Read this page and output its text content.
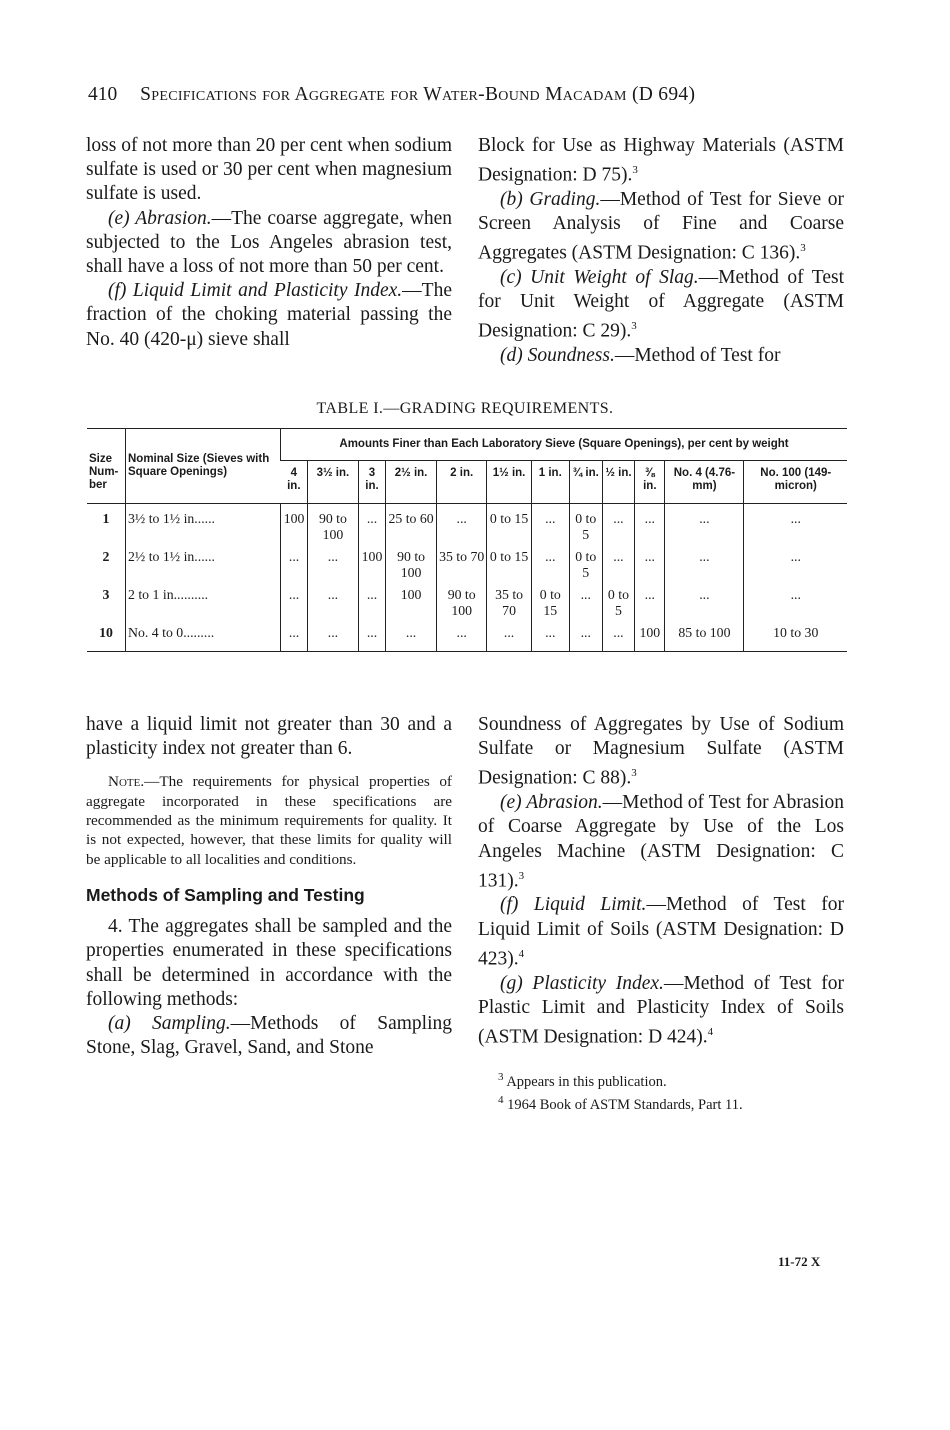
410 Specifications for Aggregate for Water-Bound Macadam (D 694)

loss of not more than 20 per cent when sodium sulfate is used or 30 per cent when magnesium sulfate is used.

(e) Abrasion.—The coarse aggregate, when subjected to the Los Angeles abrasion test, shall have a loss of not more than 50 per cent.

(f) Liquid Limit and Plasticity Index.—The fraction of the choking material passing the No. 40 (420-μ) sieve shall

Block for Use as Highway Materials (ASTM Designation: D 75).$^3$

(b) Grading.—Method of Test for Sieve or Screen Analysis of Fine and Coarse Aggregates (ASTM Designation: C 136).$^3$

(c) Unit Weight of Slag.—Method of Test for Unit Weight of Aggregate (ASTM Designation: C 29).$^3$

(d) Soundness.—Method of Test for

TABLE I.—GRADING REQUIREMENTS.
Size Num-ber	Nominal Size (Sieves with Square Openings)	Amounts Finer than Each Laboratory Sieve (Square Openings), per cent by weight											
		4 in.	3½ in.	3 in.	2½ in.	2 in.	1½ in.	1 in.	¾ in.	½ in.	⅜ in.	No. 4 (4.76-mm)	No. 100 (149-micron)
1	3½ to 1½ in......	100	90 to 100	...	25 to 60	...	0 to 15	...	0 to 5	...	...	...	...
2	2½ to 1½ in......	...	...	100	90 to 100	35 to 70	0 to 15	...	0 to 5	...	...	...	...
3	2 to 1 in..........	...	...	...	100	90 to 100	35 to 70	0 to 15	...	0 to 5	...	...	...
10	No. 4 to 0.........	...	...	...	...	...	...	...	...	...	100	85 to 100	10 to 30

have a liquid limit not greater than 30 and a plasticity index not greater than 6.

Note.—The requirements for physical properties of aggregate incorporated in these specifications are recommended as the minimum requirements for quality. It is not expected, however, that these limits for quality will be applicable to all localities and conditions.

Methods of Sampling and Testing

4. The aggregates shall be sampled and the properties enumerated in these specifications shall be determined in accordance with the following methods:

(a) Sampling.—Methods of Sampling Stone, Slag, Gravel, Sand, and Stone

Soundness of Aggregates by Use of Sodium Sulfate or Magnesium Sulfate (ASTM Designation: C 88).$^3$

(e) Abrasion.—Method of Test for Abrasion of Coarse Aggregate by Use of the Los Angeles Machine (ASTM Designation: C 131).$^3$

(f) Liquid Limit.—Method of Test for Liquid Limit of Soils (ASTM Designation: D 423).$^4$

(g) Plasticity Index.—Method of Test for Plastic Limit and Plasticity Index of Soils (ASTM Designation: D 424).$^4$

$^3$ Appears in this publication.

$^4$ 1964 Book of ASTM Standards, Part 11.

11-72 X
